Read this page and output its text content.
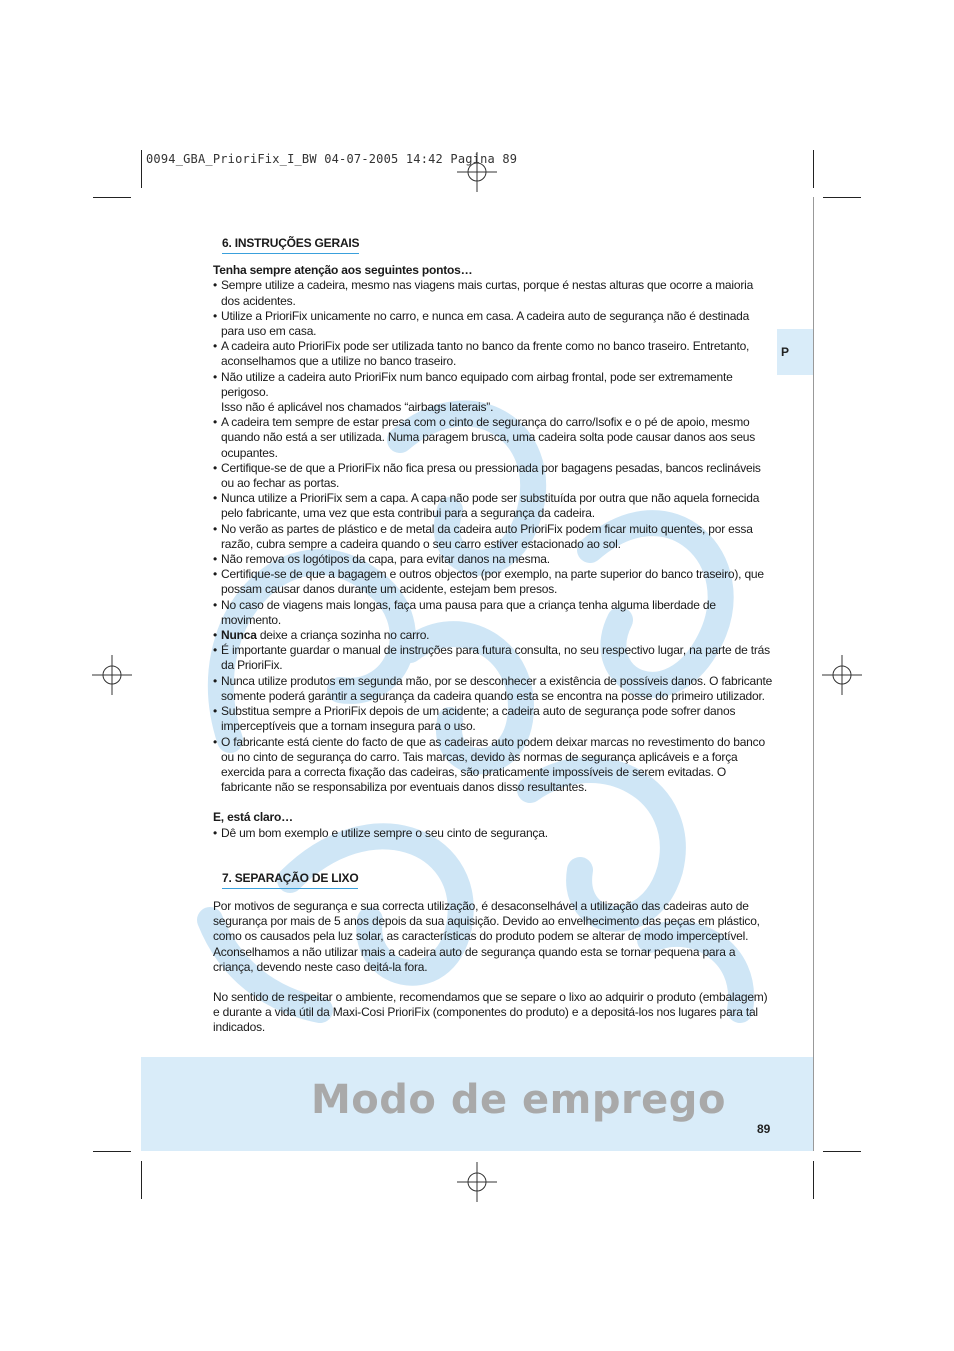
0094_GBA_PrioriFix_I_BW 04-07-2005 14:42 Pagina 89
P
6. INSTRUÇÕES GERAIS
Tenha sempre atenção aos seguintes pontos…
• Sempre utilize a cadeira, mesmo nas viagens mais curtas, porque é nestas alturas que ocorre a maioria dos acidentes.
• Utilize a PrioriFix unicamente no carro, e nunca em casa. A cadeira auto de segurança não é destinada para uso em casa.
• A cadeira auto PrioriFix pode ser utilizada tanto no banco da frente como no banco traseiro. Entretanto, aconselhamos que a utilize no banco traseiro.
• Não utilize a cadeira auto PrioriFix num banco equipado com airbag frontal, pode ser extremamente perigoso.
Isso não é aplicável nos chamados “airbags laterais”.
• A cadeira tem sempre de estar presa com o cinto de segurança do carro/Isofix e o pé de apoio, mesmo quando não está a ser utilizada. Numa paragem brusca, uma cadeira solta pode causar danos aos seus ocupantes.
• Certifique-se de que a PrioriFix não fica presa ou pressionada por bagagens pesadas, bancos reclináveis ou ao fechar as portas.
• Nunca utilize a PrioriFix sem a capa. A capa não pode ser substituída por outra que não aquela fornecida pelo fabricante, uma vez que esta contribui para a segurança da cadeira.
• No verão as partes de plástico e de metal da cadeira auto PrioriFix podem ficar muito quentes, por essa razão, cubra sempre a cadeira quando o seu carro estiver estacionado ao sol.
• Não remova os logótipos da capa, para evitar danos na mesma.
• Certifique-se de que a bagagem e outros objectos (por exemplo, na parte superior do banco traseiro), que possam causar danos durante um acidente, estejam bem presos.
• No caso de viagens mais longas, faça uma pausa para que a criança tenha alguma liberdade de movimento.
• Nunca deixe a criança sozinha no carro.
• É importante guardar o manual de instruções para futura consulta, no seu respectivo lugar, na parte de trás da PrioriFix.
• Nunca utilize produtos em segunda mão, por se desconhecer a existência de possíveis danos. O fabricante somente poderá garantir a segurança da cadeira quando esta se encontra na posse do primeiro utilizador.
• Substitua sempre a PrioriFix depois de um acidente; a cadeira auto de segurança pode sofrer danos imperceptíveis que a tornam insegura para o uso.
• O fabricante está ciente do facto de que as cadeiras auto podem deixar marcas no revestimento do banco ou no cinto de segurança do carro. Tais marcas, devido às normas de segurança aplicáveis e a força exercida para a correcta fixação das cadeiras, são praticamente impossíveis de serem evitadas. O fabricante não se responsabiliza por eventuais danos disso resultantes.
E, está claro…
• Dê um bom exemplo e utilize sempre o seu cinto de segurança.
7. SEPARAÇÃO DE LIXO

Por motivos de segurança e sua correcta utilização, é desaconselhável a utilização das cadeiras auto de segurança por mais de 5 anos depois da sua aquisição. Devido ao envelhecimento das peças em plástico, como os causados pela luz solar, as características do produto podem se alterar de modo imperceptível. Aconselhamos a não utilizar mais a cadeira auto de segurança quando esta se tornar pequena para a criança, devendo neste caso deitá-la fora.

No sentido de respeitar o ambiente, recomendamos que se separe o lixo ao adquirir o produto (embalagem) e durante a vida útil da Maxi-Cosi PrioriFix (componentes do produto) e a depositá-los nos lugares para tal indicados.

Modo de emprego
89
